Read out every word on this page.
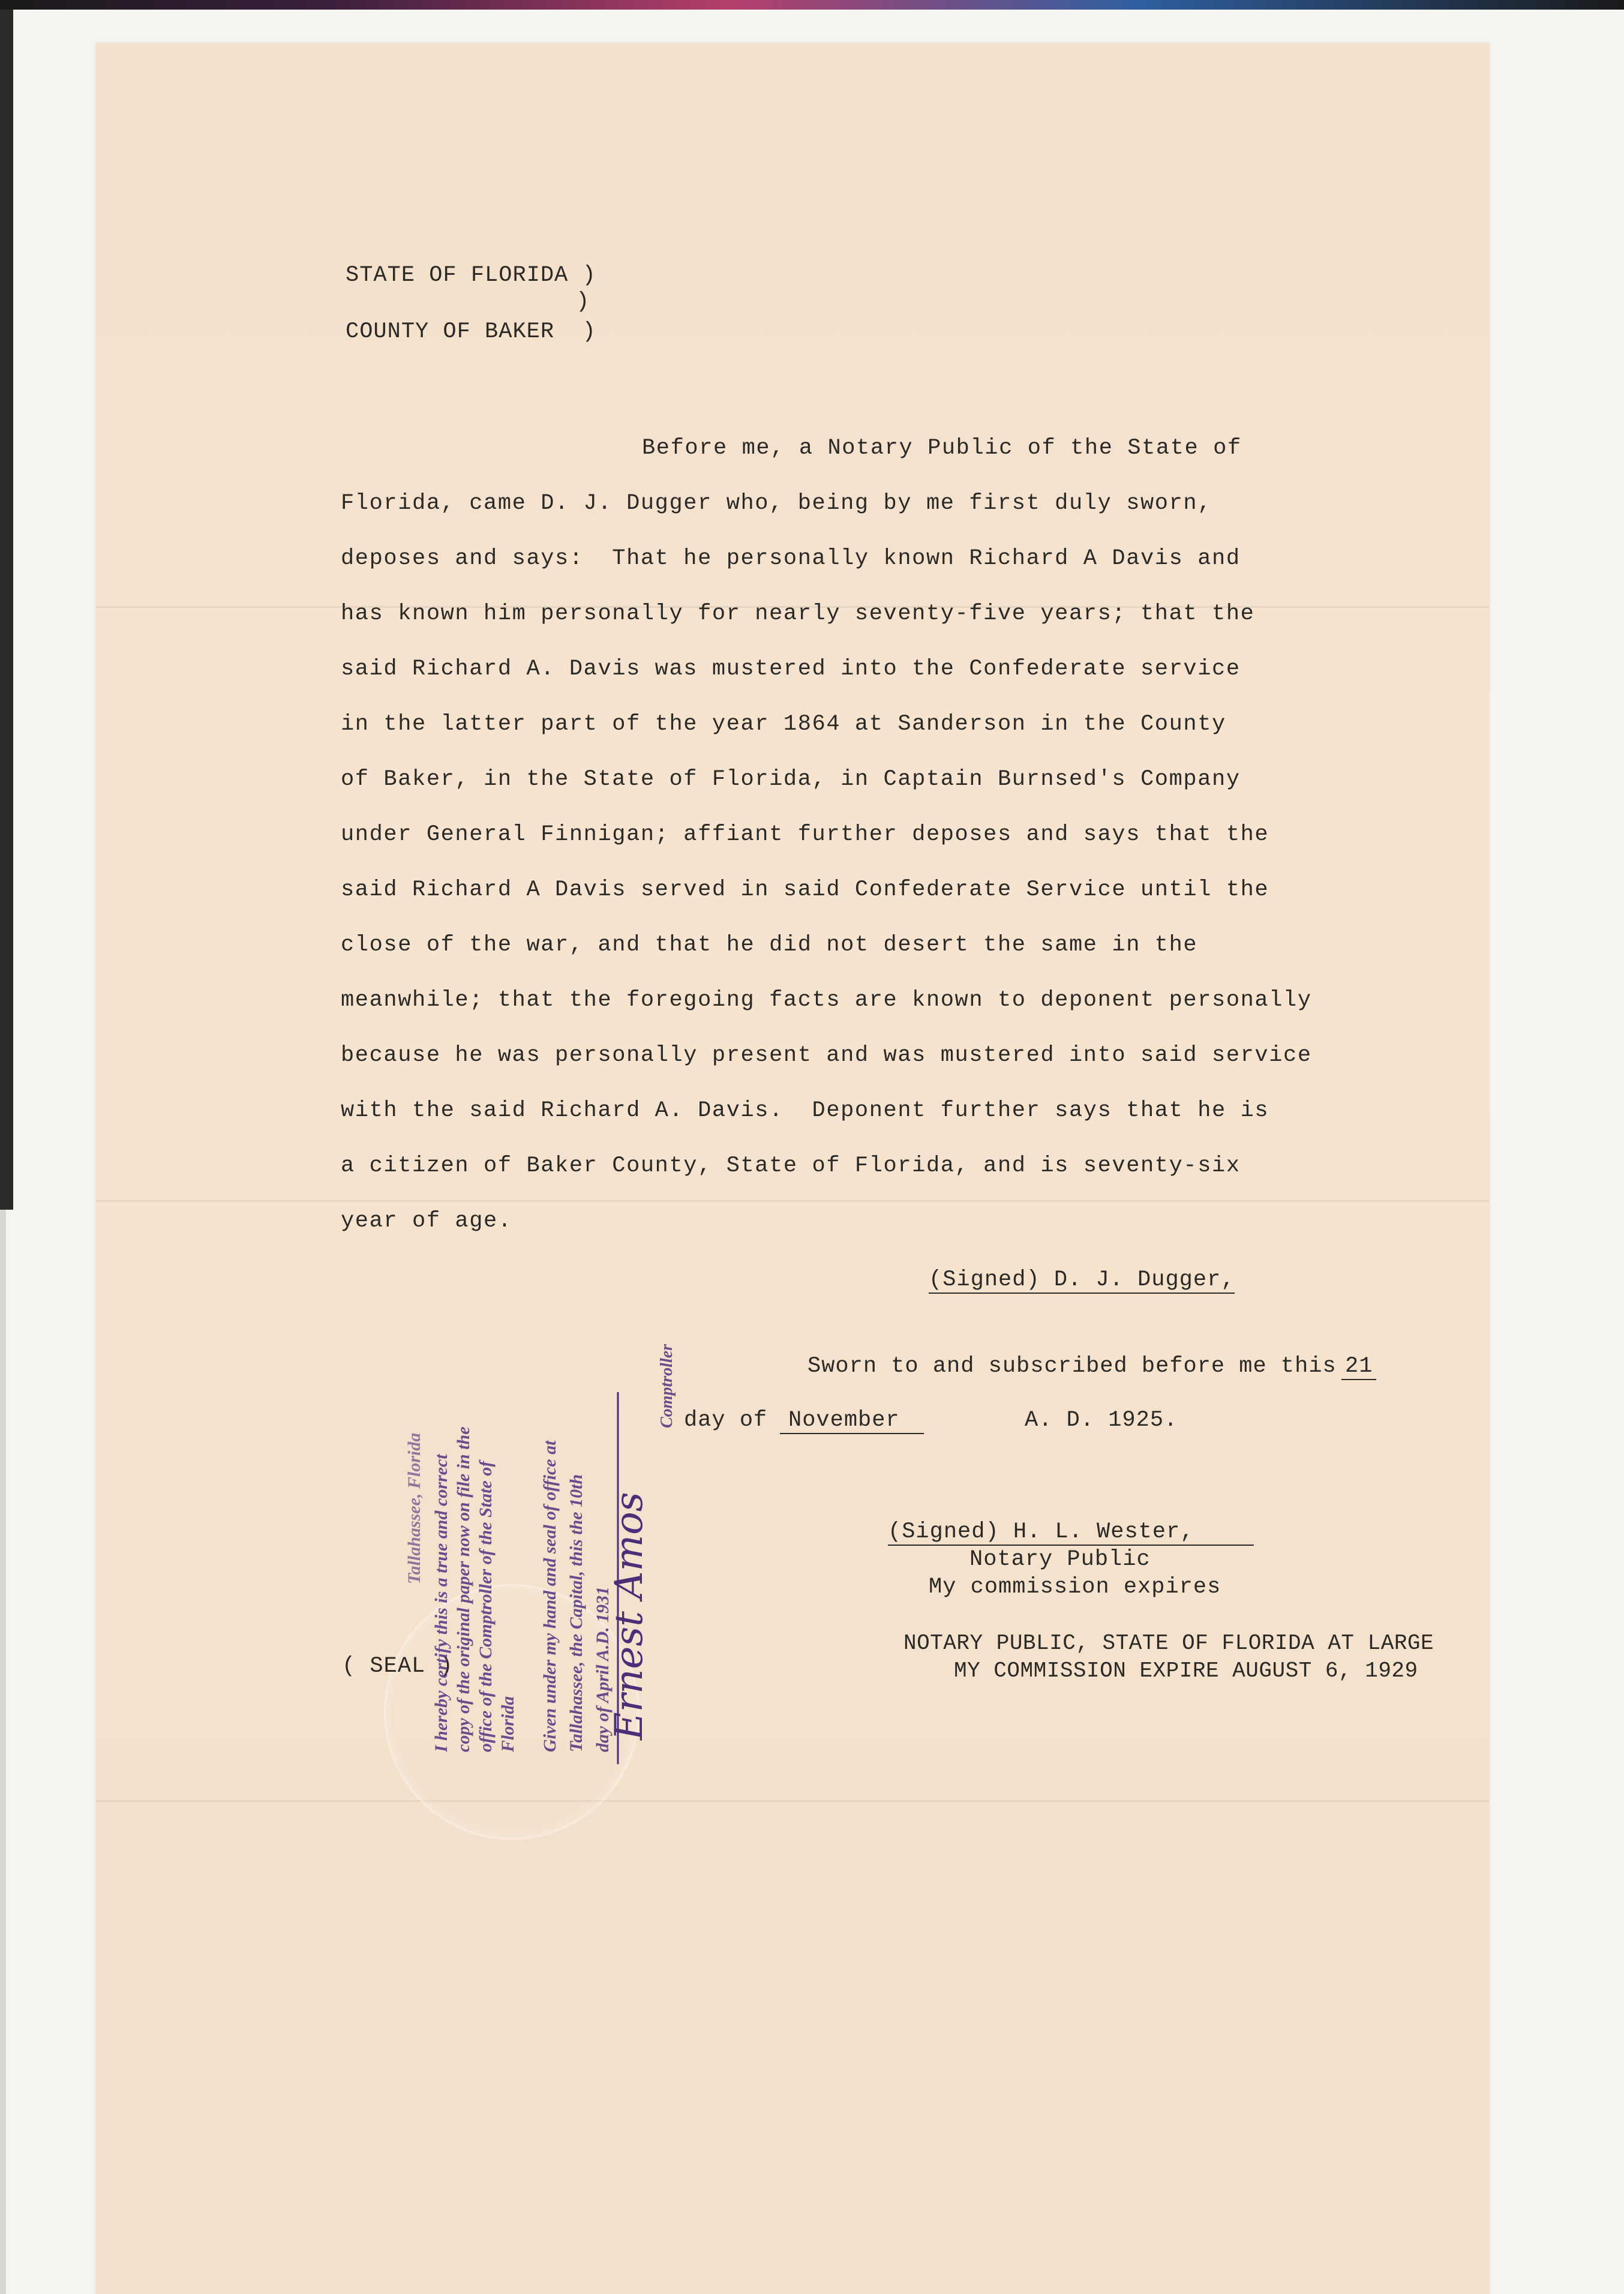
STATE OF FLORIDA )
)
COUNTY OF BAKER  )
Before me, a Notary Public of the State of
Florida, came D. J. Dugger who, being by me first duly sworn,
deposes and says:  That he personally known Richard A Davis and
has known him personally for nearly seventy-five years; that the
said Richard A. Davis was mustered into the Confederate service
in the latter part of the year 1864 at Sanderson in the County
of Baker, in the State of Florida, in Captain Burnsed's Company
under General Finnigan; affiant further deposes and says that the
said Richard A Davis served in said Confederate Service until the
close of the war, and that he did not desert the same in the
meanwhile; that the foregoing facts are known to deponent personally
because he was personally present and was mustered into said service
with the said Richard A. Davis.  Deponent further says that he is
a citizen of Baker County, State of Florida, and is seventy-six
year of age.
(Signed) D. J. Dugger,
Sworn to and subscribed before me this 21
day of November	A. D. 1925.
(Signed) H. L. Wester,
Notary Public
My commission expires
NOTARY PUBLIC, STATE OF FLORIDA AT LARGE
MY COMMISSION EXPIRE AUGUST 6, 1929
( SEAL )
Tallahassee, Florida I hereby certify this is a true and correct copy of the original paper now on file in the office of the Comptroller of the State of Florida Given under my hand and seal of office at Tallahassee, the Capital, this the 10th day of April A.D. 1931
Comptroller
Ernest Amos
